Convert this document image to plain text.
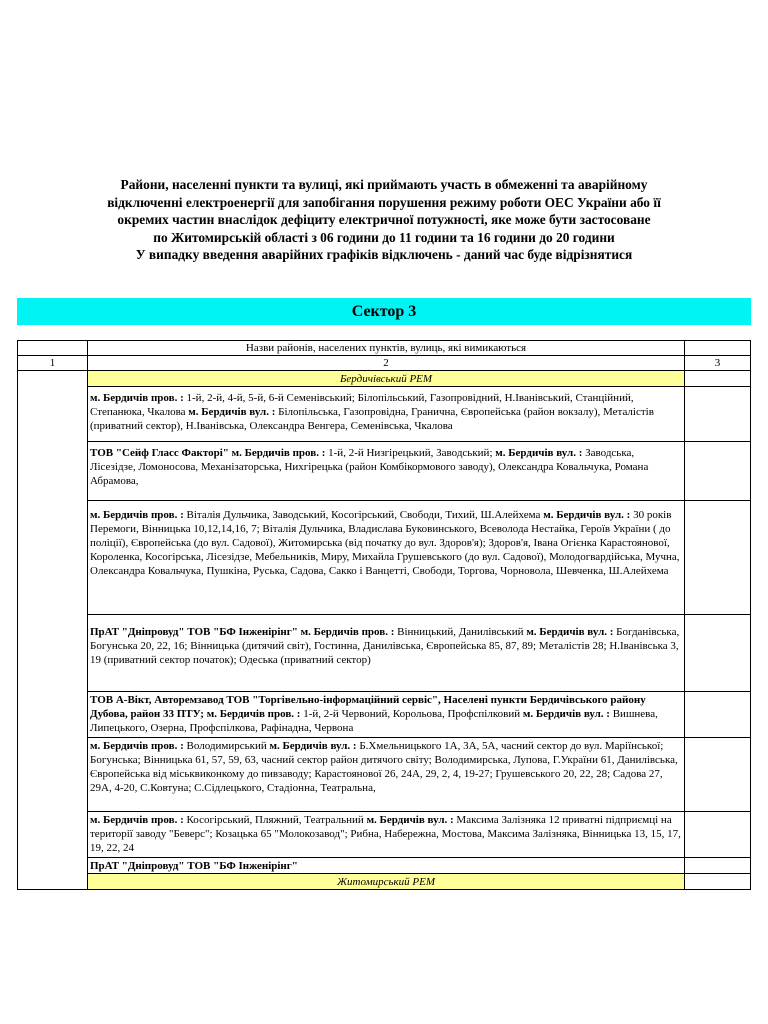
Райони, населенні пункти та вулиці, які приймають участь в обмеженні та аварійному
відключенні електроенергії для запобігання порушення режиму роботи ОЕС України або її
окремих частин внаслідок дефіциту електричної потужності, яке може бути застосоване
по Житомирській області з 06 години до 11 години та 16 години до 20 години
У випадку введення аварійних графіків відключень - даний час буде відрізнятися
Сектор 3
	Назви районів, населених пунктів, вулиць, які вимикаються	
1	2	3
	Бердичівський РЕМ	
	м. Бердичів пров. : 1-й, 2-й, 4-й, 5-й, 6-й Семенівський; Білопільський, Газопровідний, Н.Іванівський, Станційний, Степанюка, Чкалова м. Бердичів вул. : Білопільська, Газопровідна, Гранична, Європейська (район вокзалу), Металістів (приватний сектор), Н.Іванівська, Олександра Венгера, Семенівська, Чкалова	
	ТОВ "Сейф Гласс Факторі" м. Бердичів пров. : 1-й, 2-й Низгірецький, Заводський; м. Бердичів вул. : Заводська, Лісезідзе, Ломоносова, Механізаторська, Нихгірецька (район Комбікормового заводу), Олександра Ковальчука, Романа Абрамова,	
	м. Бердичів пров. : Віталія Дульчика, Заводський, Косогірський, Свободи, Тихий, Ш.Алейхема м. Бердичів вул. : 30 років Перемоги, Вінницька 10,12,14,16, 7; Віталія Дульчика, Владислава Буковинського, Всеволода Нестайка, Героїв України ( до поліції), Європейська (до вул. Садової), Житомирська (від початку до вул. Здоров'я); Здоров'я, Івана Огієнка Карастоянової, Короленка, Косогірська, Лісезідзе, Мебельників, Миру, Михайла Грушевського (до вул. Садової), Молодогвардійська, Мучна, Олександра Ковальчука, Пушкіна, Руська, Садова, Сакко і Ванцетті, Свободи, Торгова, Чорновола, Шевченка, Ш.Алейхема	
	ПрАТ "Дніпровуд" ТОВ "БФ Інженірінг" м. Бердичів пров. : Вінницький, Данилівський м. Бердичів вул. : Богданівська, Богунська 20, 22, 16; Вінницька (дитячий світ), Гостинна, Данилівська, Європейська 85, 87, 89; Металістів 28; Н.Іванівська 3, 19 (приватний сектор початок); Одеська (приватний сектор)	
	ТОВ А-Вікт, Авторемзавод ТОВ "Торгівельно-інформаційний сервіс", Населені пункти Бердичівського району Дубова, район 33 ПТУ; м. Бердичів пров. : 1-й, 2-й Червоний, Корольова, Профспілковий м. Бердичів вул. : Вишнева, Липецького, Озерна, Профспілкова, Рафінадна, Червона	
	м. Бердичів пров. : Володимирський м. Бердичів вул. : Б.Хмельницького 1А, 3А, 5А, часний сектор до вул. Маріїнської; Богунська; Вінницька 61, 57, 59, 63, часний сектор район дитячого світу; Володимирська, Лупова, Г.України 61, Данилівська, Європейська від міськвиконкому до пивзаводу; Карастоянової 26, 24А, 29, 2, 4, 19-27; Грушевського 20, 22, 28; Садова 27, 29А, 4-20, С.Ковтуна; С.Сідлецького, Стадіонна, Театральна,	
	м. Бердичів пров. : Косогірський, Пляжний, Театральний м. Бердичів вул. : Максима Залізняка 12 приватні підприємці на території заводу "Беверс"; Козацька 65 "Молокозавод"; Рибна, Набережна, Мостова, Максима Залізняка, Вінницька 13, 15, 17, 19, 22, 24	
	ПрАТ "Дніпровуд" ТОВ "БФ Інженірінг"	
	Житомирський РЕМ	
